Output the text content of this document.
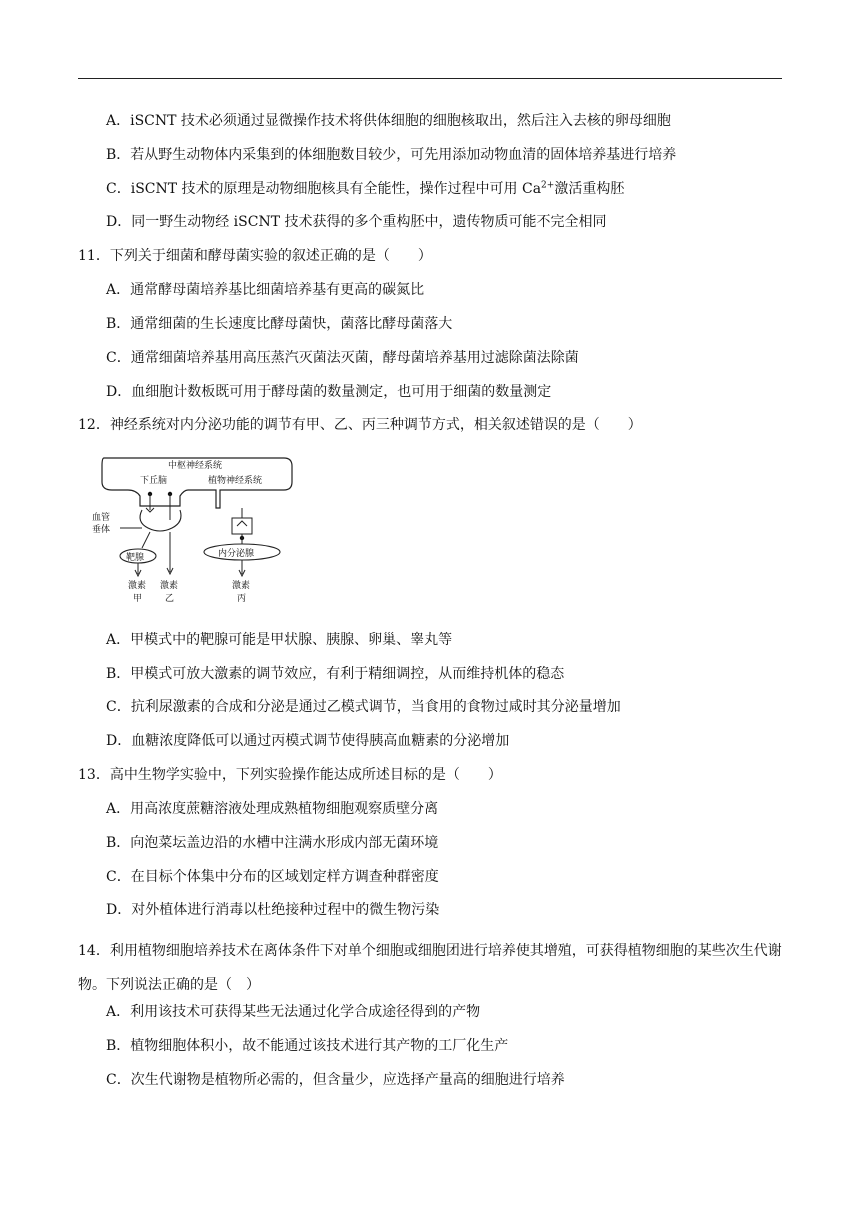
A．iSCNT 技术必须通过显微操作技术将供体细胞的细胞核取出，然后注入去核的卵母细胞
B．若从野生动物体内采集到的体细胞数目较少，可先用添加动物血清的固体培养基进行培养
C．iSCNT 技术的原理是动物细胞核具有全能性，操作过程中可用 $Ca^{2+}$激活重构胚
D．同一野生动物经 iSCNT 技术获得的多个重构胚中，遗传物质可能不完全相同
11．下列关于细菌和酵母菌实验的叙述正确的是（　　）
A．通常酵母菌培养基比细菌培养基有更高的碳氮比
B．通常细菌的生长速度比酵母菌快，菌落比酵母菌落大
C．通常细菌培养基用高压蒸汽灭菌法灭菌，酵母菌培养基用过滤除菌法除菌
D．血细胞计数板既可用于酵母菌的数量测定，也可用于细菌的数量测定
12．神经系统对内分泌功能的调节有甲、乙、丙三种调节方式，相关叙述错误的是（　　）
中枢神经系统
下丘脑	植物神经系统
血管
垂体
靶腺
激素
甲
激素
乙
内分泌腺
激素
丙
A．甲模式中的靶腺可能是甲状腺、胰腺、卵巢、睾丸等
B．甲模式可放大激素的调节效应，有利于精细调控，从而维持机体的稳态
C．抗利尿激素的合成和分泌是通过乙模式调节，当食用的食物过咸时其分泌量增加
D．血糖浓度降低可以通过丙模式调节使得胰高血糖素的分泌增加
13．高中生物学实验中，下列实验操作能达成所述目标的是（　　）
A．用高浓度蔗糖溶液处理成熟植物细胞观察质壁分离
B．向泡菜坛盖边沿的水槽中注满水形成内部无菌环境
C．在目标个体集中分布的区域划定样方调查种群密度
D．对外植体进行消毒以杜绝接种过程中的微生物污染
14．利用植物细胞培养技术在离体条件下对单个细胞或细胞团进行培养使其增殖，可获得植物细胞的某些次生代谢物。下列说法正确的是（　）
A．利用该技术可获得某些无法通过化学合成途径得到的产物
B．植物细胞体积小，故不能通过该技术进行其产物的工厂化生产
C．次生代谢物是植物所必需的，但含量少，应选择产量高的细胞进行培养
